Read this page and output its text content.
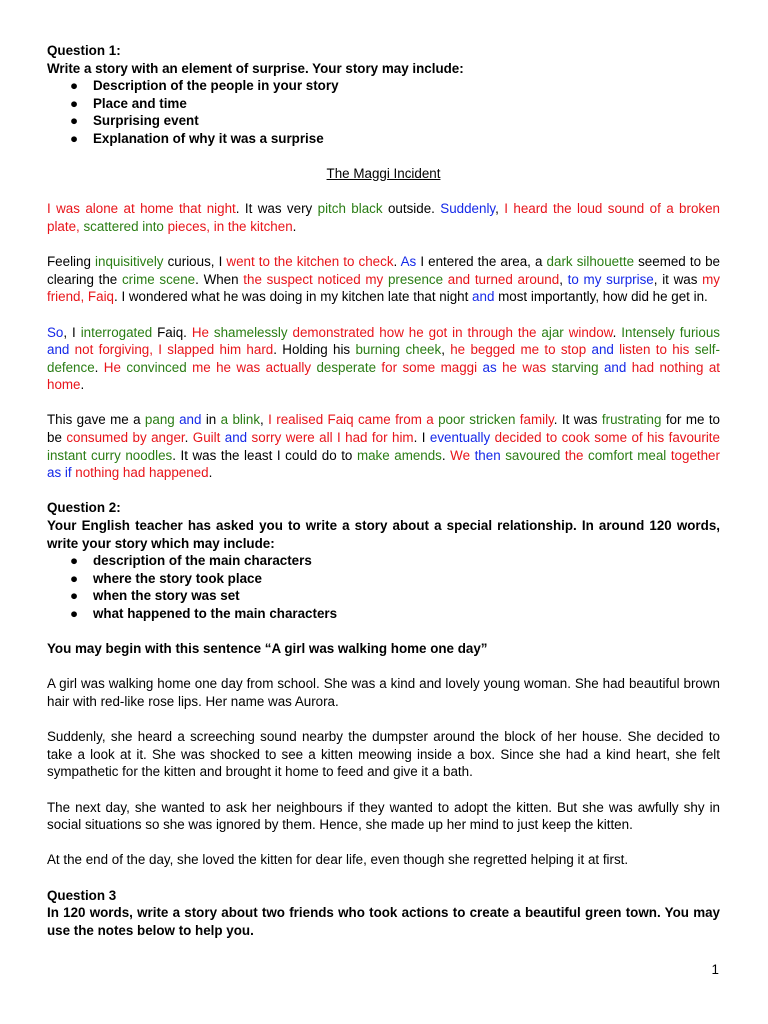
Question 1:

Write a story with an element of surprise. Your story may include:

● Description of the people in your story
● Place and time
● Surprising event
● Explanation of why it was a surprise

The Maggi Incident

I was alone at home that night. It was very pitch black outside. Suddenly, I heard the loud sound of a broken plate, scattered into pieces, in the kitchen.

Feeling inquisitively curious, I went to the kitchen to check. As I entered the area, a dark silhouette seemed to be clearing the crime scene. When the suspect noticed my presence and turned around, to my surprise, it was my friend, Faiq. I wondered what he was doing in my kitchen late that night and most importantly, how did he get in.

So, I interrogated Faiq. He shamelessly demonstrated how he got in through the ajar window. Intensely furious and not forgiving, I slapped him hard. Holding his burning cheek, he begged me to stop and listen to his self-defence. He convinced me he was actually desperate for some maggi as he was starving and had nothing at home.

This gave me a pang and in a blink, I realised Faiq came from a poor stricken family. It was frustrating for me to be consumed by anger. Guilt and sorry were all I had for him. I eventually decided to cook some of his favourite instant curry noodles. It was the least I could do to make amends. We then savoured the comfort meal together as if nothing had happened.

Question 2:

Your English teacher has asked you to write a story about a special relationship. In around 120 words, write your story which may include:

● description of the main characters
● where the story took place
● when the story was set
● what happened to the main characters

You may begin with this sentence “A girl was walking home one day”

A girl was walking home one day from school. She was a kind and lovely young woman. She had beautiful brown hair with red-like rose lips. Her name was Aurora.

Suddenly, she heard a screeching sound nearby the dumpster around the block of her house. She decided to take a look at it. She was shocked to see a kitten meowing inside a box. Since she had a kind heart, she felt sympathetic for the kitten and brought it home to feed and give it a bath.

The next day, she wanted to ask her neighbours if they wanted to adopt the kitten. But she was awfully shy in social situations so she was ignored by them. Hence, she made up her mind to just keep the kitten.

At the end of the day, she loved the kitten for dear life, even though she regretted helping it at first.

Question 3

In 120 words, write a story about two friends who took actions to create a beautiful green town. You may use the notes below to help you.

1
